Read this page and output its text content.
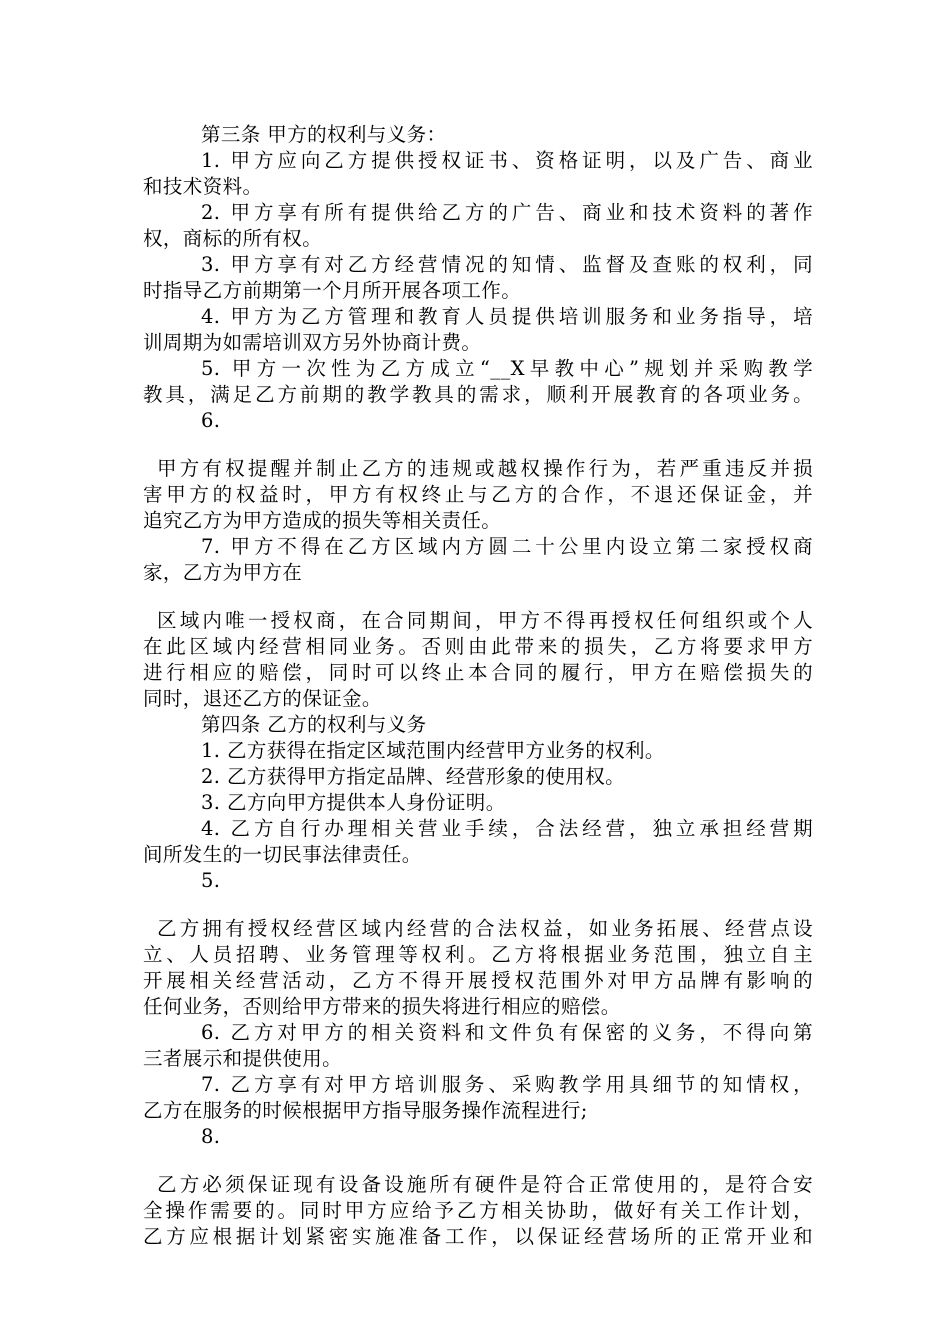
第三条 甲方的权利与义务：
1. 甲方应向乙方提供授权证书、资格证明，以及广告、商业
和技术资料。
2. 甲方享有所有提供给乙方的广告、商业和技术资料的著作
权，商标的所有权。
3. 甲方享有对乙方经营情况的知情、监督及查账的权利，同
时指导乙方前期第一个月所开展各项工作。
4. 甲方为乙方管理和教育人员提供培训服务和业务指导，培
训周期为如需培训双方另外协商计费。
5. 甲方一次性为乙方成立“__X早教中心”规划并采购教学
教具，满足乙方前期的教学教具的需求，顺利开展教育的各项业务。
6.
甲方有权提醒并制止乙方的违规或越权操作行为，若严重违反并损
害甲方的权益时，甲方有权终止与乙方的合作，不退还保证金，并
追究乙方为甲方造成的损失等相关责任。
7. 甲方不得在乙方区域内方圆二十公里内设立第二家授权商
家，乙方为甲方在
区域内唯一授权商，在合同期间，甲方不得再授权任何组织或个人
在此区域内经营相同业务。否则由此带来的损失，乙方将要求甲方
进行相应的赔偿，同时可以终止本合同的履行，甲方在赔偿损失的
同时，退还乙方的保证金。
第四条 乙方的权利与义务
1. 乙方获得在指定区域范围内经营甲方业务的权利。
2. 乙方获得甲方指定品牌、经营形象的使用权。
3. 乙方向甲方提供本人身份证明。
4. 乙方自行办理相关营业手续，合法经营，独立承担经营期
间所发生的一切民事法律责任。
5.
乙方拥有授权经营区域内经营的合法权益，如业务拓展、经营点设
立、人员招聘、业务管理等权利。乙方将根据业务范围，独立自主
开展相关经营活动，乙方不得开展授权范围外对甲方品牌有影响的
任何业务，否则给甲方带来的损失将进行相应的赔偿。
6. 乙方对甲方的相关资料和文件负有保密的义务，不得向第
三者展示和提供使用。
7. 乙方享有对甲方培训服务、采购教学用具细节的知情权，
乙方在服务的时候根据甲方指导服务操作流程进行;
8.
乙方必须保证现有设备设施所有硬件是符合正常使用的，是符合安
全操作需要的。同时甲方应给予乙方相关协助，做好有关工作计划，
乙方应根据计划紧密实施准备工作，以保证经营场所的正常开业和
